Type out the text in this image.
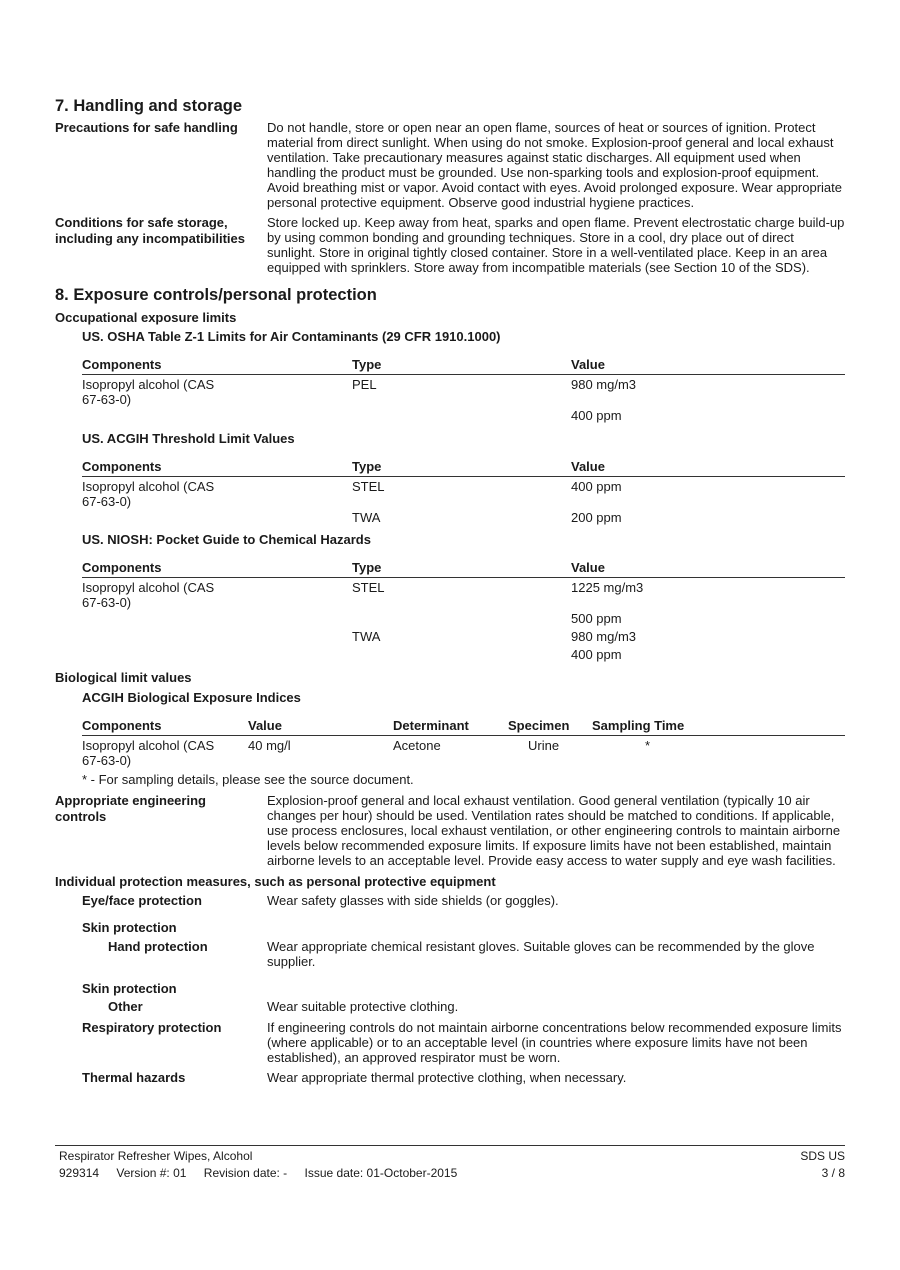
7. Handling and storage
Precautions for safe handling	Do not handle, store or open near an open flame, sources of heat or sources of ignition. Protect material from direct sunlight. When using do not smoke. Explosion-proof general and local exhaust ventilation. Take precautionary measures against static discharges. All equipment used when handling the product must be grounded. Use non-sparking tools and explosion-proof equipment. Avoid breathing mist or vapor. Avoid contact with eyes. Avoid prolonged exposure. Wear appropriate personal protective equipment. Observe good industrial hygiene practices.
Conditions for safe storage,
including any incompatibilities
Store locked up. Keep away from heat, sparks and open flame. Prevent electrostatic charge build-up by using common bonding and grounding techniques. Store in a cool, dry place out of direct sunlight. Store in original tightly closed container. Store in a well-ventilated place. Keep in an area equipped with sprinklers. Store away from incompatible materials (see Section 10 of the SDS).
8. Exposure controls/personal protection
Occupational exposure limits
US. OSHA Table Z-1 Limits for Air Contaminants (29 CFR 1910.1000)
Components	Type	Value

Isopropyl alcohol (CAS
67-63-0)	PEL	980 mg/m3
		400 ppm
US. ACGIH Threshold Limit Values
Components	Type	Value

Isopropyl alcohol (CAS
67-63-0)	STEL	400 ppm
	TWA	200 ppm
US. NIOSH: Pocket Guide to Chemical Hazards
Components	Type	Value

Isopropyl alcohol (CAS
67-63-0)	STEL	1225 mg/m3
		500 ppm
	TWA	980 mg/m3
		400 ppm
Biological limit values
ACGIH Biological Exposure Indices
Components	Value	Determinant	Specimen	Sampling Time

Isopropyl alcohol (CAS
67-63-0)	40 mg/l	Acetone	Urine	*
* - For sampling details, please see the source document.
Appropriate engineering
controls
Explosion-proof general and local exhaust ventilation. Good general ventilation (typically 10 air changes per hour) should be used. Ventilation rates should be matched to conditions. If applicable, use process enclosures, local exhaust ventilation, or other engineering controls to maintain airborne levels below recommended exposure limits. If exposure limits have not been established, maintain airborne levels to an acceptable level. Provide easy access to water supply and eye wash facilities.
Individual protection measures, such as personal protective equipment
Eye/face protection	Wear safety glasses with side shields (or goggles).
Skin protection
Hand protection	Wear appropriate chemical resistant gloves. Suitable gloves can be recommended by the glove supplier.
Skin protection
Other	Wear suitable protective clothing.
Respiratory protection	If engineering controls do not maintain airborne concentrations below recommended exposure limits (where applicable) or to an acceptable level (in countries where exposure limits have not been established), an approved respirator must be worn.
Thermal hazards	Wear appropriate thermal protective clothing, when necessary.
Respirator Refresher Wipes, Alcohol	SDS US
929314 Version #: 01 Revision date: - Issue date: 01-October-2015	3 / 8
